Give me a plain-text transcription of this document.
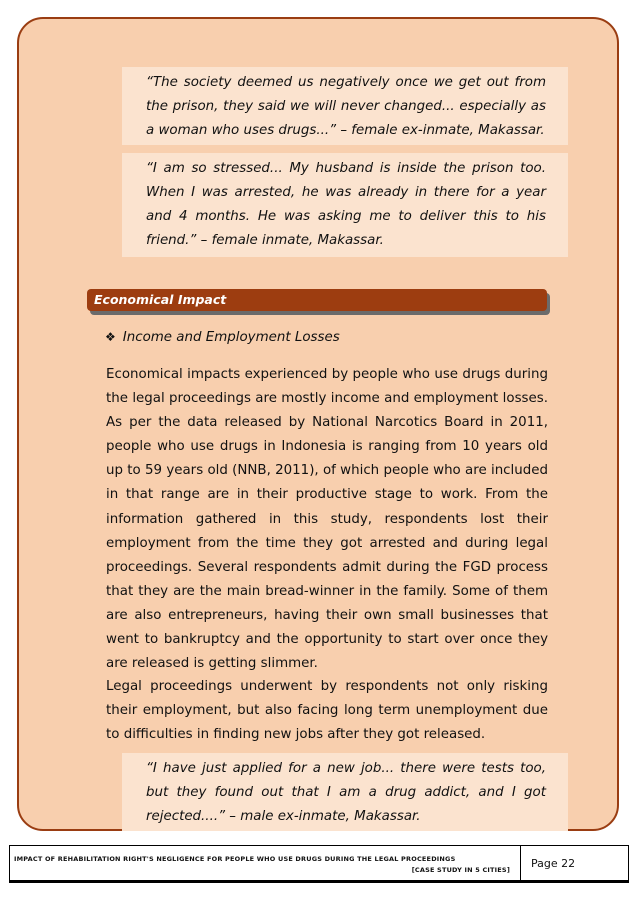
“The society deemed us negatively once we get out from the prison, they said we will never changed... especially as a woman who uses drugs...” – female ex-inmate, Makassar.
“I am so stressed... My husband is inside the prison too. When I was arrested, he was already in there for a year and 4 months. He was asking me to deliver this to his friend.” – female inmate, Makassar.
Economical Impact
❖ Income and Employment Losses
Economical impacts experienced by people who use drugs during the legal proceedings are mostly income and employment losses. As per the data released by National Narcotics Board in 2011, people who use drugs in Indonesia is ranging from 10 years old up to 59 years old (NNB, 2011), of which people who are included in that range are in their productive stage to work. From the information gathered in this study, respondents lost their employment from the time they got arrested and during legal proceedings. Several respondents admit during the FGD process that they are the main bread-winner in the family. Some of them are also entrepreneurs, having their own small businesses that went to bankruptcy and the opportunity to start over once they are released is getting slimmer.
Legal proceedings underwent by respondents not only risking their employment, but also facing long term unemployment due to difficulties in finding new jobs after they got released.
“I have just applied for a new job... there were tests too, but they found out that I am a drug addict, and I got rejected....” – male ex-inmate, Makassar.
IMPACT OF REHABILITATION RIGHT'S NEGLIGENCE FOR PEOPLE WHO USE DRUGS DURING THE LEGAL PROCEEDINGS
[CASE STUDY IN 5 CITIES] Page 22
